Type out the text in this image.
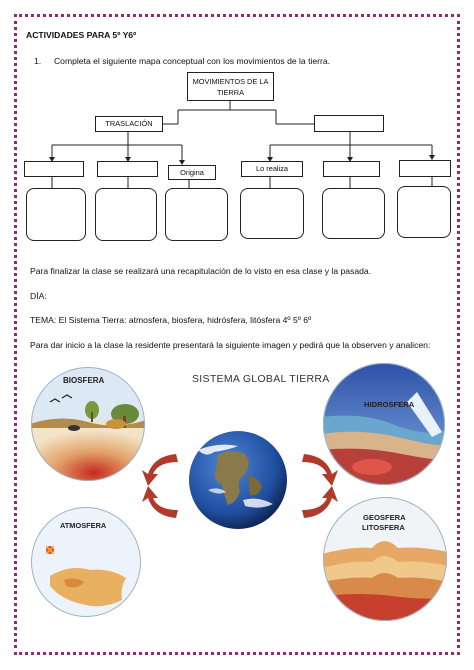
ACTIVIDADES PARA 5º Y6º
1. Completa el siguiente mapa conceptual con los movimientos de la tierra.
MOVIMIENTOS DE LA TIERRA
TRASLACIÓN
Origina	Lo realiza
Para finalizar la clase se realizará una recapitulación de lo visto en esa clase y la pasada.
DÍA:
TEMA: El Sistema Tierra: atmosfera, biosfera, hidrósfera, litósfera 4º 5º 6º
Para dar inicio a la clase la residente presentará la siguiente imagen y pedirá que la observen y analicen:
SISTEMA GLOBAL TIERRA
BIOSFERA
HIDROSFERA
ATMOSFERA
GEOSFERA
LITOSFERA
